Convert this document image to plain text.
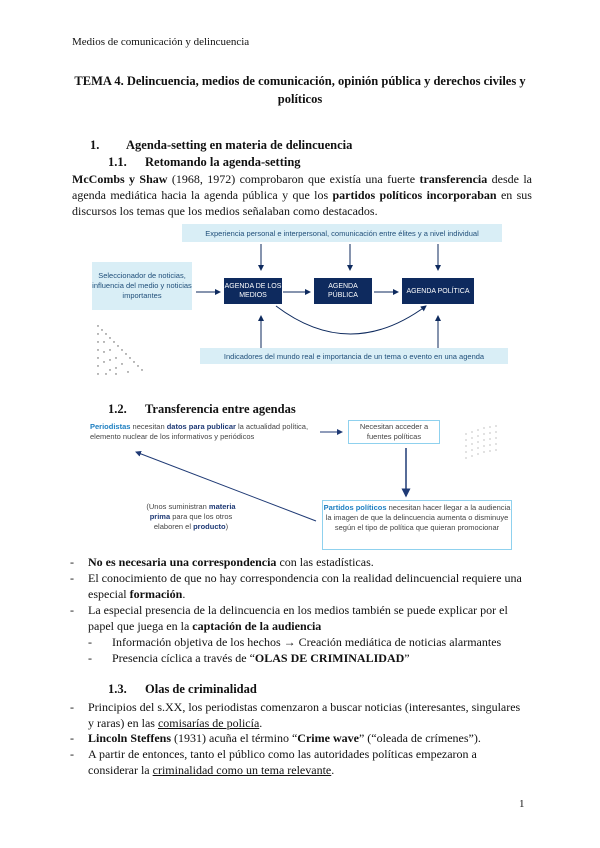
Medios de comunicación y delincuencia
TEMA 4. Delincuencia, medios de comunicación, opinión pública y derechos civiles y políticos
1. Agenda-setting en materia de delincuencia
1.1. Retomando la agenda-setting
McCombs y Shaw (1968, 1972) comprobaron que existía una fuerte transferencia desde la agenda mediática hacia la agenda pública y que los partidos políticos incorporaban en sus discursos los temas que los medios señalaban como destacados.
Experiencia personal e interpersonal, comunicación entre élites y a nivel individual
Seleccionador de noticias, influencia del medio y noticias importantes
AGENDA DE LOS MEDIOS
AGENDA PÚBLICA
AGENDA POLÍTICA
Indicadores del mundo real e importancia de un tema o evento en una agenda
1.2. Transferencia entre agendas
Periodistas necesitan datos para publicar la actualidad política, elemento nuclear de los informativos y periódicos
Necesitan acceder a fuentes políticas
Partidos políticos necesitan hacer llegar a la audiencia la imagen de que la delincuencia aumenta o disminuye según el tipo de política que quieran promocionar
(Unos suministran materia prima para que los otros elaboren el producto)
- No es necesaria una correspondencia con las estadísticas.
- El conocimiento de que no hay correspondencia con la realidad delincuencial requiere una especial formación.
- La especial presencia de la delincuencia en los medios también se puede explicar por el papel que juega en la captación de la audiencia
- Información objetiva de los hechos → Creación mediática de noticias alarmantes
- Presencia cíclica a través de “OLAS DE CRIMINALIDAD”
1.3. Olas de criminalidad
- Principios del s.XX, los periodistas comenzaron a buscar noticias (interesantes, singulares y raras) en las comisarías de policía.
- Lincoln Steffens (1931) acuña el término “Crime wave” (“oleada de crímenes”).
- A partir de entonces, tanto el público como las autoridades políticas empezaron a considerar la criminalidad como un tema relevante.
1
